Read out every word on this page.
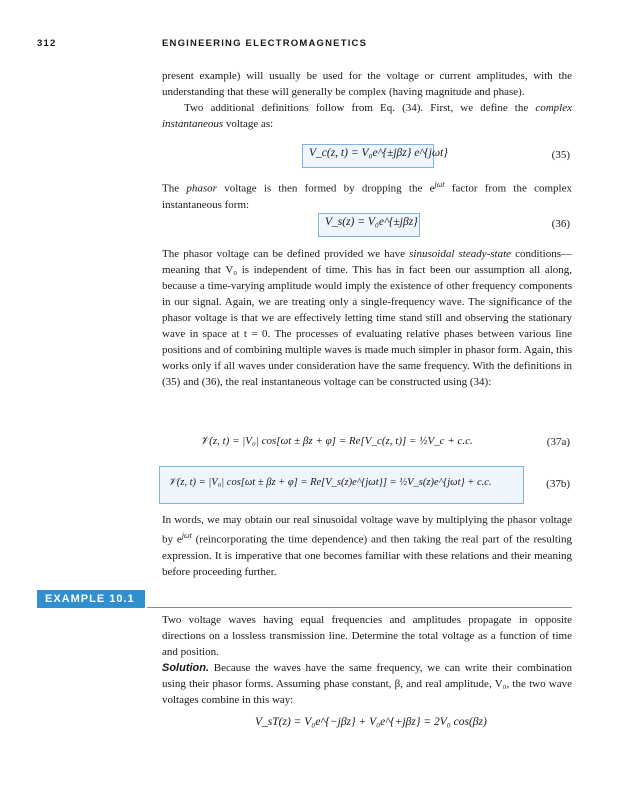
312	ENGINEERING ELECTROMAGNETICS
present example) will usually be used for the voltage or current amplitudes, with the understanding that these will generally be complex (having magnitude and phase).
Two additional definitions follow from Eq. (34). First, we define the complex instantaneous voltage as:
V_c(z, t) = V₀e^{±jβz} e^{jωt}	(35)
The phasor voltage is then formed by dropping the $e^{j\omega t}$ factor from the complex instantaneous form:
V_s(z) = V₀e^{±jβz}	(36)
The phasor voltage can be defined provided we have sinusoidal steady-state conditions—meaning that V₀ is independent of time. This has in fact been our assumption all along, because a time-varying amplitude would imply the existence of other frequency components in our signal. Again, we are treating only a single-frequency wave. The significance of the phasor voltage is that we are effectively letting time stand still and observing the stationary wave in space at t = 0. The processes of evaluating relative phases between various line positions and of combining multiple waves is made much simpler in phasor form. Again, this works only if all waves under consideration have the same frequency. With the definitions in (35) and (36), the real instantaneous voltage can be constructed using (34):
𝒱(z, t) = |V₀| cos[ωt ± βz + φ] = Re[V_c(z, t)] = ½V_c + c.c.	(37a)
𝒱(z, t) = |V₀| cos[ωt ± βz + φ] = Re[V_s(z)e^{jωt}] = ½V_s(z)e^{jωt} + c.c.	(37b)
In words, we may obtain our real sinusoidal voltage wave by multiplying the phasor voltage by $e^{j\omega t}$ (reincorporating the time dependence) and then taking the real part of the resulting expression. It is imperative that one becomes familiar with these relations and their meaning before proceeding further.
EXAMPLE 10.1
Two voltage waves having equal frequencies and amplitudes propagate in opposite directions on a lossless transmission line. Determine the total voltage as a function of time and position.
Solution. Because the waves have the same frequency, we can write their combination using their phasor forms. Assuming phase constant, β, and real amplitude, V₀, the two wave voltages combine in this way:
V_sT(z) = V₀e^{−jβz} + V₀e^{+jβz} = 2V₀ cos(βz)
